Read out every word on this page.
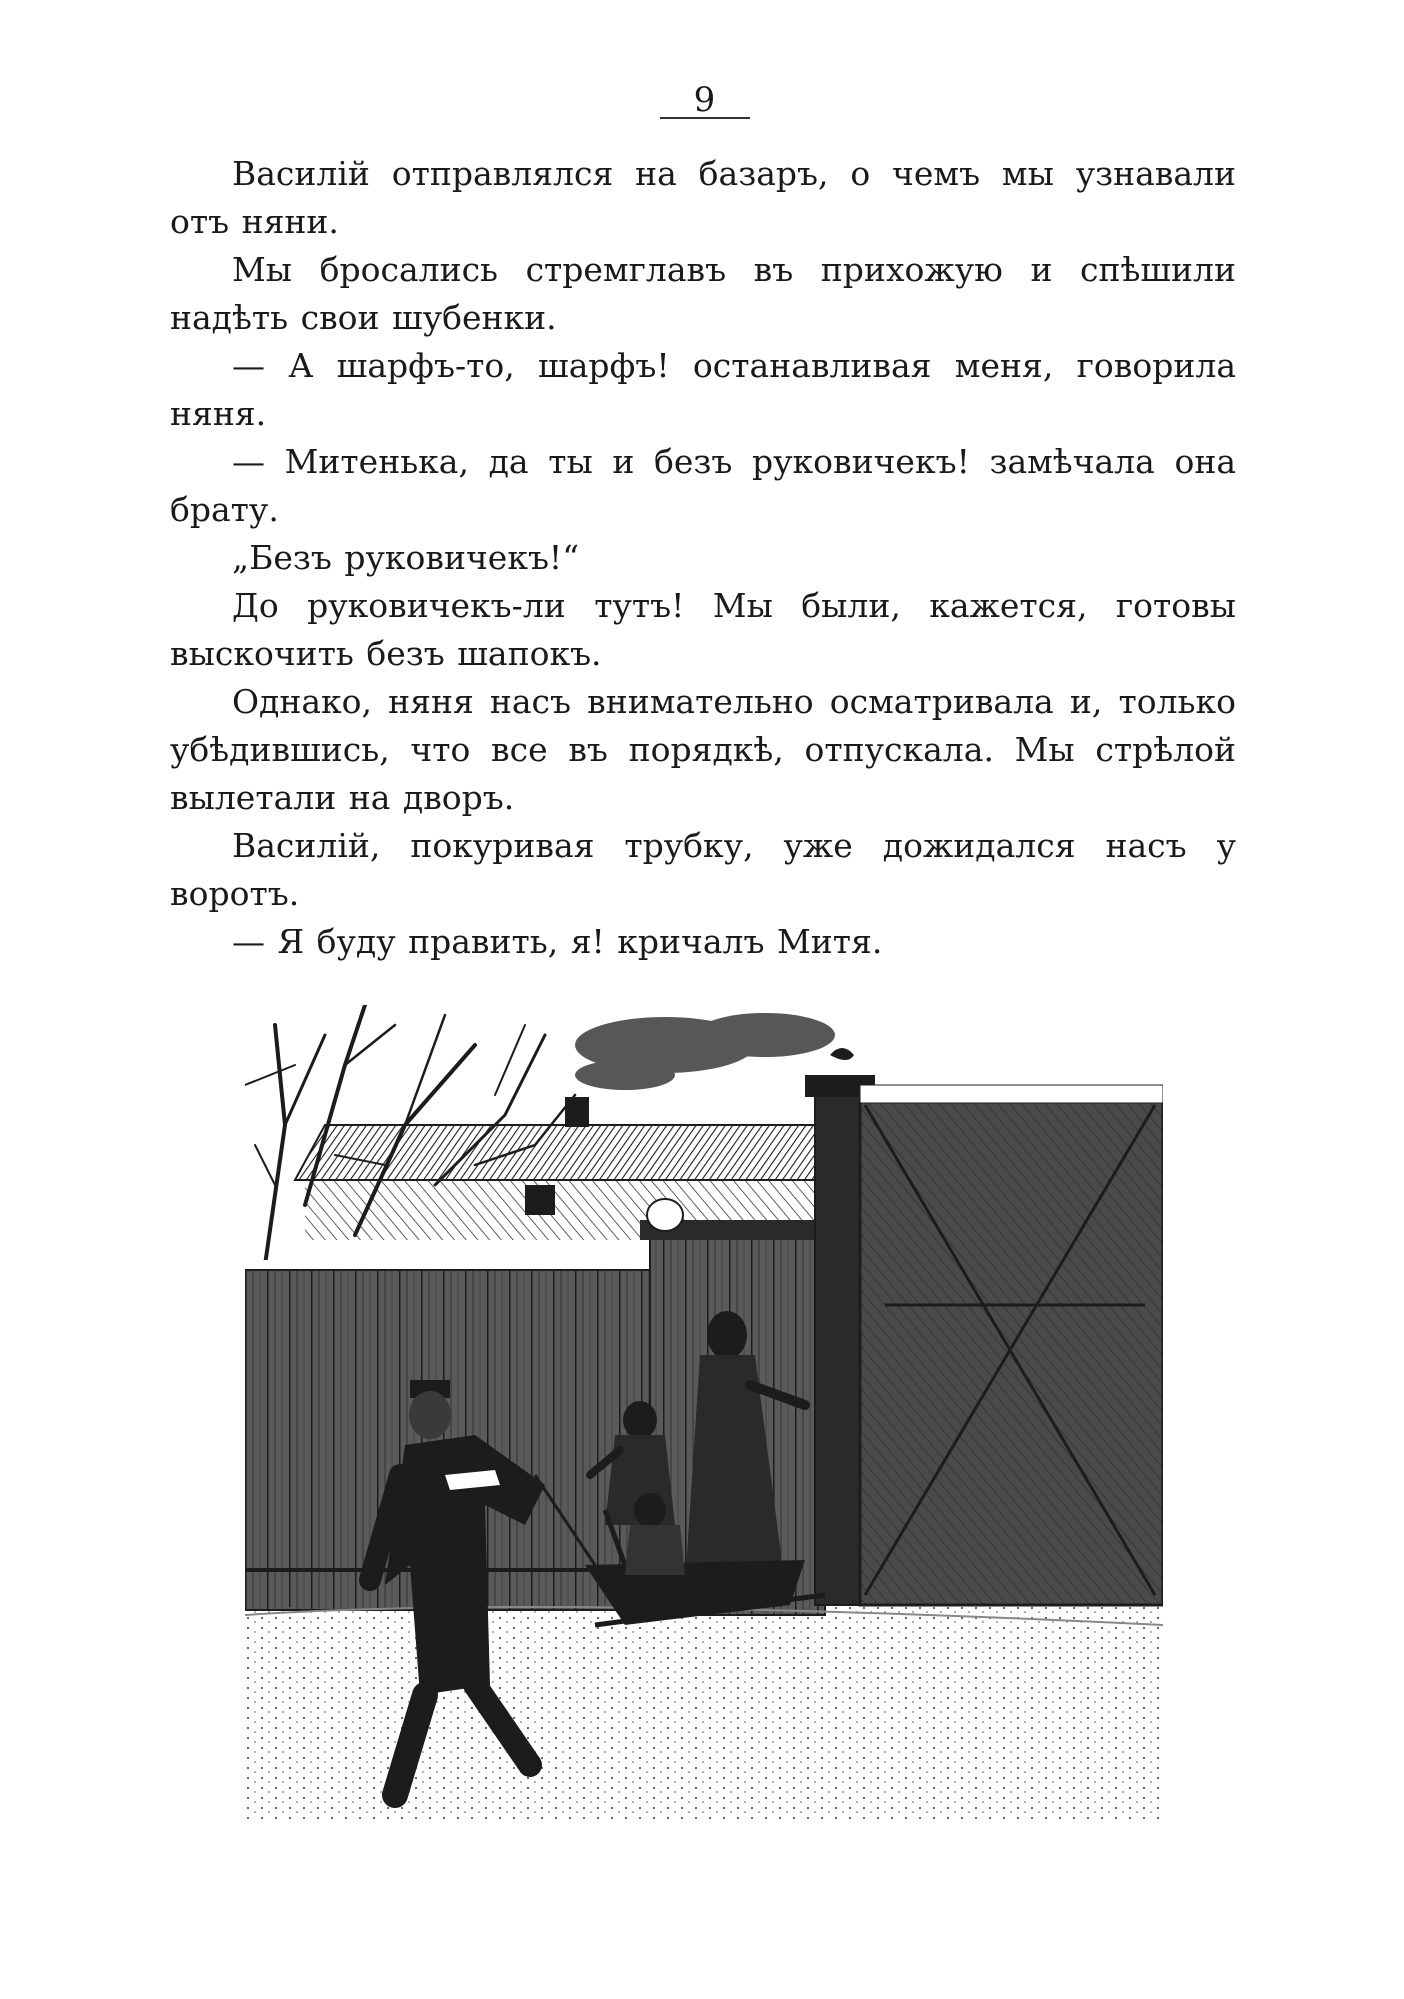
9

Василій отправлялся на базаръ, о чемъ мы узнавали отъ няни.

Мы бросались стремглавъ въ прихожую и спѣшили надѣть свои шубенки.

— А шарфъ-то, шарфъ! останавливая меня, говорила няня.

— Митенька, да ты и безъ руковичекъ! замѣчала она брату.

„Безъ руковичекъ!“

До руковичекъ-ли тутъ! Мы были, кажется, готовы выскочить безъ шапокъ.

Однако, няня насъ внимательно осматривала и, только убѣдившись, что все въ порядкѣ, отпускала. Мы стрѣлой вылетали на дворъ.

Василій, покуривая трубку, уже дожидался насъ у воротъ.

— Я буду править, я! кричалъ Митя.
